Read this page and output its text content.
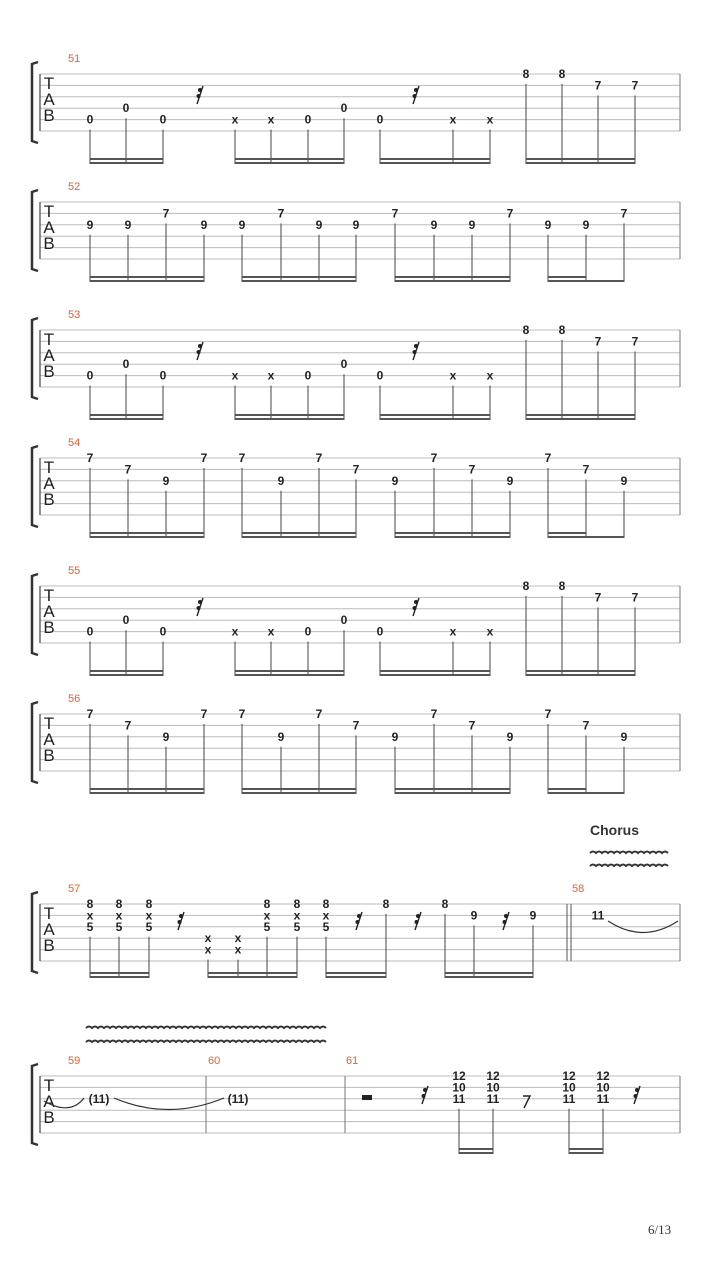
T
A
B
51
0
0
0	x x	0
0
0	x	x
8 8
7	7
T
A
B
52
9	9
7
9	9
7
9	9
7
9	9
7
9	9
7
T
A
B
53
0
0
0	x x	0
0
0	x	x
8 8
7	7
T
A
B
54
7
7
9
7	7
9
7
7
9
7
7
9
7
7
9
T
A
B
55
0
0
0	x x	0
0
0	x	x
8 8
7	7
T
A
B
56
7
7
9
7	7
9
7
7
9
7
7
9
7
7
9
T
A
B
57	58
8
x
5
8
x
5
8
x
5
x
x
x
x
8
x
5
8
x
5
8
x
5
8	8
9	9	11
T
A
B
59	60	61
(11)	(11)
12
10
11
12
10
11
12
10
11
12
10
11
Chorus
6/13
